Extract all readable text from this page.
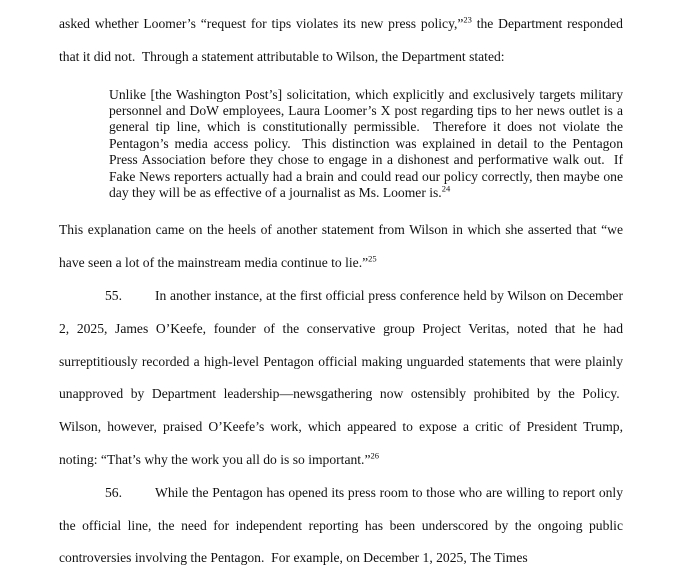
asked whether Loomer’s “request for tips violates its new press policy,”$^{23}$ the Department responded that it did not.  Through a statement attributable to Wilson, the Department stated:

Unlike [the Washington Post’s] solicitation, which explicitly and exclusively targets military personnel and DoW employees, Laura Loomer’s X post regarding tips to her news outlet is a general tip line, which is constitutionally permissible.  Therefore it does not violate the Pentagon’s media access policy.  This distinction was explained in detail to the Pentagon Press Association before they chose to engage in a dishonest and performative walk out.  If Fake News reporters actually had a brain and could read our policy correctly, then maybe one day they will be as effective of a journalist as Ms. Loomer is.$^{24}$

This explanation came on the heels of another statement from Wilson in which she asserted that “we have seen a lot of the mainstream media continue to lie.”$^{25}$

55. In another instance, at the first official press conference held by Wilson on December 2, 2025, James O’Keefe, founder of the conservative group Project Veritas, noted that he had surreptitiously recorded a high-level Pentagon official making unguarded statements that were plainly unapproved by Department leadership—newsgathering now ostensibly prohibited by the Policy.  Wilson, however, praised O’Keefe’s work, which appeared to expose a critic of President Trump, noting: “That’s why the work you all do is so important.”$^{26}$

56. While the Pentagon has opened its press room to those who are willing to report only the official line, the need for independent reporting has been underscored by the ongoing public controversies involving the Pentagon.  For example, on December 1, 2025, The Times
